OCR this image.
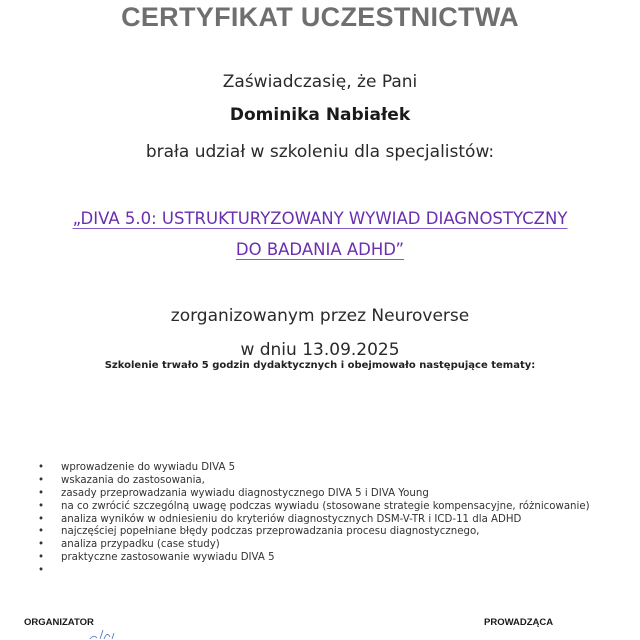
CERTYFIKAT UCZESTNICTWA
Zaświadczasię, że Pani
Dominika Nabiałek
brała udział w szkoleniu dla specjalistów:
„DIVA 5.0: USTRUKTURYZOWANY WYWIAD DIAGNOSTYCZNY
DO BADANIA ADHD”
zorganizowanym przez Neuroverse
w dniu 13.09.2025
Szkolenie trwało 5 godzin dydaktycznych i obejmowało następujące tematy:
• wprowadzenie do wywiadu DIVA 5
• wskazania do zastosowania,
• zasady przeprowadzania wywiadu diagnostycznego DIVA 5 i DIVA Young
• na co zwrócić szczególną uwagę podczas wywiadu (stosowane strategie kompensacyjne, różnicowanie)
• analiza wyników w odniesieniu do kryteriów diagnostycznych DSM-V-TR i ICD-11 dla ADHD
• najczęściej popełniane błędy podczas przeprowadzania procesu diagnostycznego,
• analiza przypadku (case study)
• praktyczne zastosowanie wywiadu DIVA 5
•
ORGANIZATOR	PROWADZĄCA
